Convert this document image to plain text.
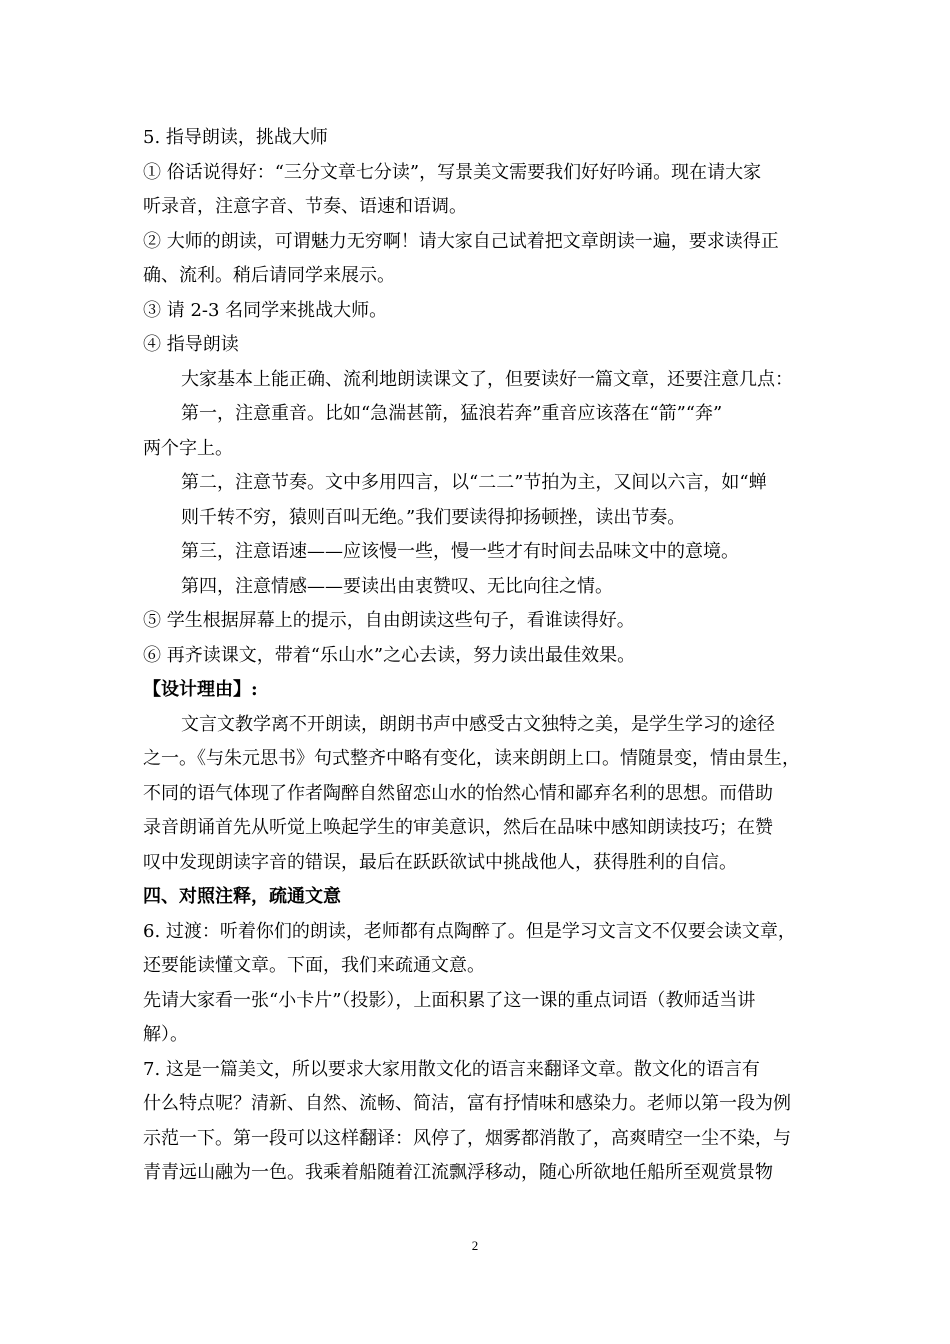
5. 指导朗读，挑战大师
① 俗话说得好：“三分文章七分读”，写景美文需要我们好好吟诵。现在请大家
听录音，注意字音、节奏、语速和语调。
② 大师的朗读，可谓魅力无穷啊！请大家自己试着把文章朗读一遍，要求读得正
确、流利。稍后请同学来展示。
③ 请 2-3 名同学来挑战大师。
④ 指导朗读
大家基本上能正确、流利地朗读课文了，但要读好一篇文章，还要注意几点：
第一，注意重音。比如“急湍甚箭，猛浪若奔”重音应该落在“箭”“奔”
两个字上。
第二，注意节奏。文中多用四言，以“二二”节拍为主，又间以六言，如“蝉
则千转不穷，猿则百叫无绝。”我们要读得抑扬顿挫，读出节奏。
第三，注意语速——应该慢一些，慢一些才有时间去品味文中的意境。
第四，注意情感——要读出由衷赞叹、无比向往之情。
⑤ 学生根据屏幕上的提示，自由朗读这些句子，看谁读得好。
⑥ 再齐读课文，带着“乐山水”之心去读，努力读出最佳效果。
【设计理由】:
文言文教学离不开朗读，朗朗书声中感受古文独特之美，是学生学习的途径
之一。《与朱元思书》句式整齐中略有变化，读来朗朗上口。情随景变，情由景生，
不同的语气体现了作者陶醉自然留恋山水的怡然心情和鄙弃名利的思想。而借助
录音朗诵首先从听觉上唤起学生的审美意识，然后在品味中感知朗读技巧；在赞
叹中发现朗读字音的错误，最后在跃跃欲试中挑战他人，获得胜利的自信。
四、对照注释，疏通文意
6. 过渡：听着你们的朗读，老师都有点陶醉了。但是学习文言文不仅要会读文章，
还要能读懂文章。下面，我们来疏通文意。
先请大家看一张“小卡片”（投影），上面积累了这一课的重点词语（教师适当讲
解）。
7. 这是一篇美文，所以要求大家用散文化的语言来翻译文章。散文化的语言有
什么特点呢？清新、自然、流畅、简洁，富有抒情味和感染力。老师以第一段为例
示范一下。第一段可以这样翻译：风停了，烟雾都消散了，高爽晴空一尘不染，与
青青远山融为一色。我乘着船随着江流飘浮移动，随心所欲地任船所至观赏景物
2
